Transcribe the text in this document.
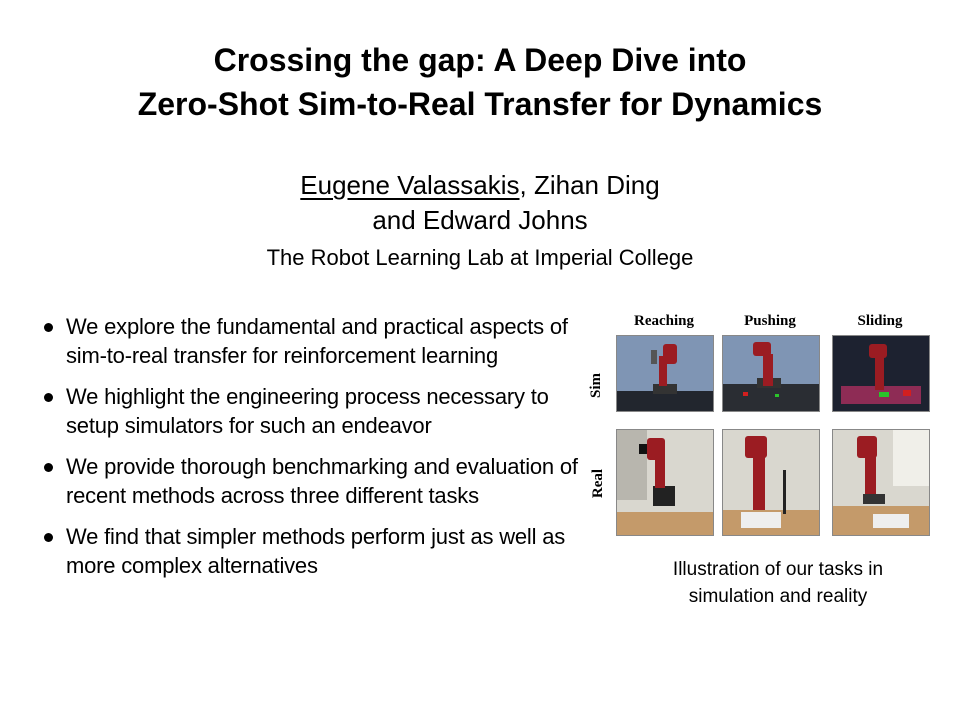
Crossing the gap: A Deep Dive into
Zero-Shot Sim-to-Real Transfer for Dynamics
Eugene Valassakis, Zihan Ding
and Edward Johns
The Robot Learning Lab at Imperial College
We explore the fundamental and practical aspects of sim-to-real transfer for reinforcement learning
We highlight the engineering process necessary to setup simulators for such an endeavor
We provide thorough benchmarking and evaluation of recent methods across three different tasks
We find that simpler methods perform just as well as more complex alternatives
Reaching	Pushing	Sliding
Sim
Real
Illustration of our tasks in
simulation and reality
